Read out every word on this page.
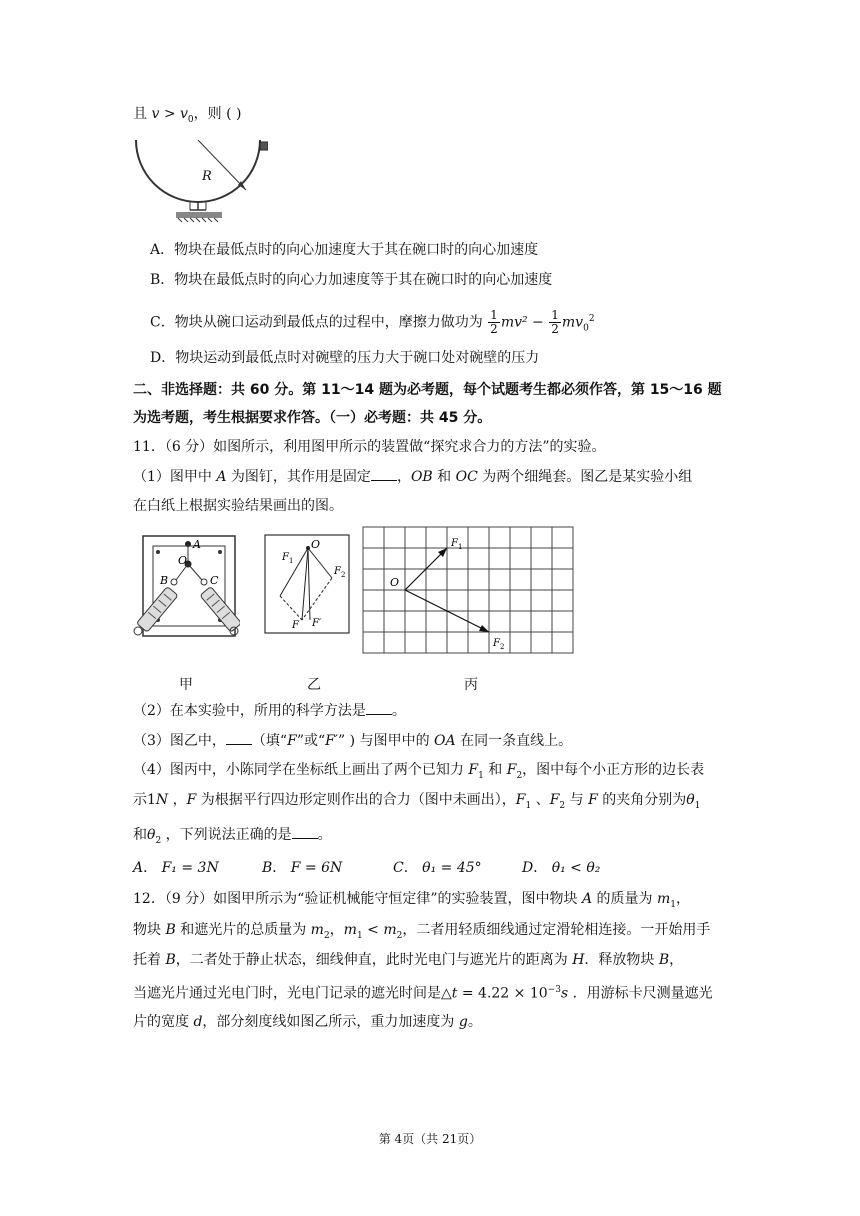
且 $v > v_0$，则 ( )
R
A．物块在最低点时的向心加速度大于其在碗口时的向心加速度
B．物块在最低点时的向心力加速度等于其在碗口时的向心加速度
C．物块从碗口运动到最低点的过程中，摩擦力做功为 $\frac{1}{2} mv^2 - \frac{1}{2} mv_0^2$
D．物块运动到最低点时对碗壁的压力大于碗口处对碗壁的压力
二、非选择题：共 60 分。第 11～14 题为必考题，每个试题考生都必须作答，第 15～16 题
为选考题，考生根据要求作答。（一）必考题：共 45 分。
11．（6 分）如图所示，利用图甲所示的装置做“探究求合力的方法”的实验。
（1）图甲中 A 为图钉，其作用是固定 ，OB 和 OC 为两个细绳套。图乙是某实验小组
在白纸上根据实验结果画出的图。
A
O
B	C
甲
F 1
O
F 2
F F′
乙
O
F 1
F 2
丙
（2）在本实验中，所用的科学方法是 。
（3）图乙中， （填“F”或“F′” ) 与图甲中的 OA 在同一条直线上。
（4）图丙中，小陈同学在坐标纸上画出了两个已知力 $F_1$ 和 $F_2$，图中每个小正方形的边长表
示1N ，F 为根据平行四边形定则作出的合力（图中未画出），$F_1$ 、$F_2$ 与 F 的夹角分别为$\theta_1$
和$\theta_2$ ，下列说法正确的是 。
A． F₁ = 3N	B． F = 6N	C． θ₁ = 45°	D． θ₁ < θ₂
12．（9 分）如图甲所示为“验证机械能守恒定律”的实验装置，图中物块 A 的质量为 $m_1$，
物块 B 和遮光片的总质量为 $m_2$，$m_1 < m_2$，二者用轻质细线通过定滑轮相连接。一开始用手
托着 B，二者处于静止状态，细线伸直，此时光电门与遮光片的距离为 H．释放物块 B，
当遮光片通过光电门时，光电门记录的遮光时间是△t = $4.22 \times 10^{-3}s$ ．用游标卡尺测量遮光
片的宽度 d，部分刻度线如图乙所示，重力加速度为 g。
第 4页（共 21页）
